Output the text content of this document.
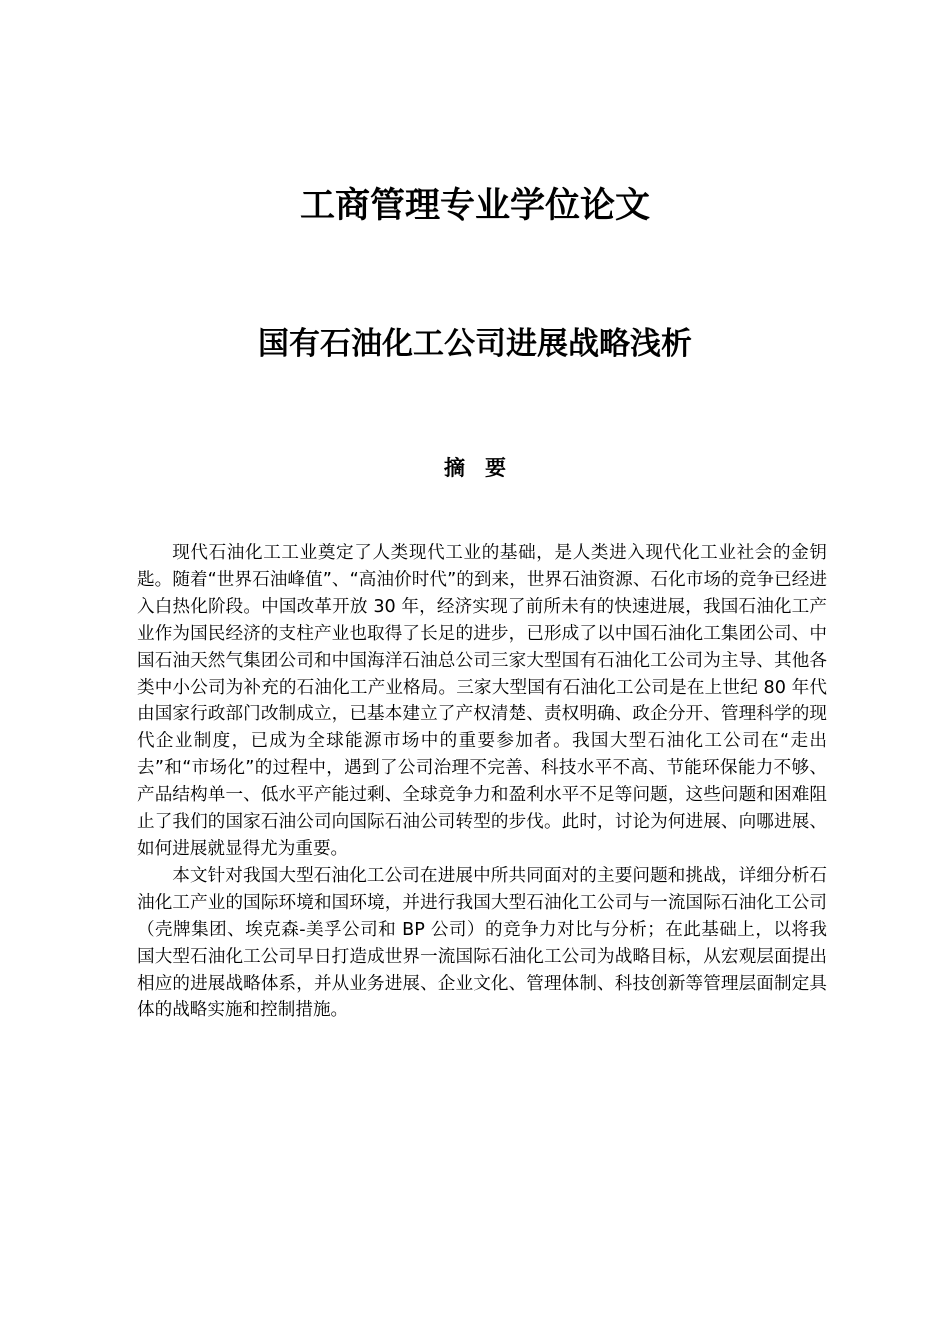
工商管理专业学位论文
国有石油化工公司进展战略浅析
摘 要

现代石油化工工业奠定了人类现代工业的基础，是人类进入现代化工业社会的金钥匙。随着“世界石油峰值”、“高油价时代”的到来，世界石油资源、石化市场的竞争已经进入白热化阶段。中国改革开放 30 年，经济实现了前所未有的快速进展，我国石油化工产业作为国民经济的支柱产业也取得了长足的进步，已形成了以中国石油化工集团公司、中国石油天然气集团公司和中国海洋石油总公司三家大型国有石油化工公司为主导、其他各类中小公司为补充的石油化工产业格局。三家大型国有石油化工公司是在上世纪 80 年代由国家行政部门改制成立，已基本建立了产权清楚、责权明确、政企分开、管理科学的现代企业制度，已成为全球能源市场中的重要参加者。我国大型石油化工公司在“走出去”和“市场化”的过程中，遇到了公司治理不完善、科技水平不高、节能环保能力不够、产品结构单一、低水平产能过剩、全球竞争力和盈利水平不足等问题，这些问题和困难阻止了我们的国家石油公司向国际石油公司转型的步伐。此时，讨论为何进展、向哪进展、如何进展就显得尤为重要。

本文针对我国大型石油化工公司在进展中所共同面对的主要问题和挑战，详细分析石油化工产业的国际环境和国环境，并进行我国大型石油化工公司与一流国际石油化工公司（壳牌集团、埃克森-美孚公司和 BP 公司）的竞争力对比与分析；在此基础上，以将我国大型石油化工公司早日打造成世界一流国际石油化工公司为战略目标，从宏观层面提出相应的进展战略体系，并从业务进展、企业文化、管理体制、科技创新等管理层面制定具体的战略实施和控制措施。
